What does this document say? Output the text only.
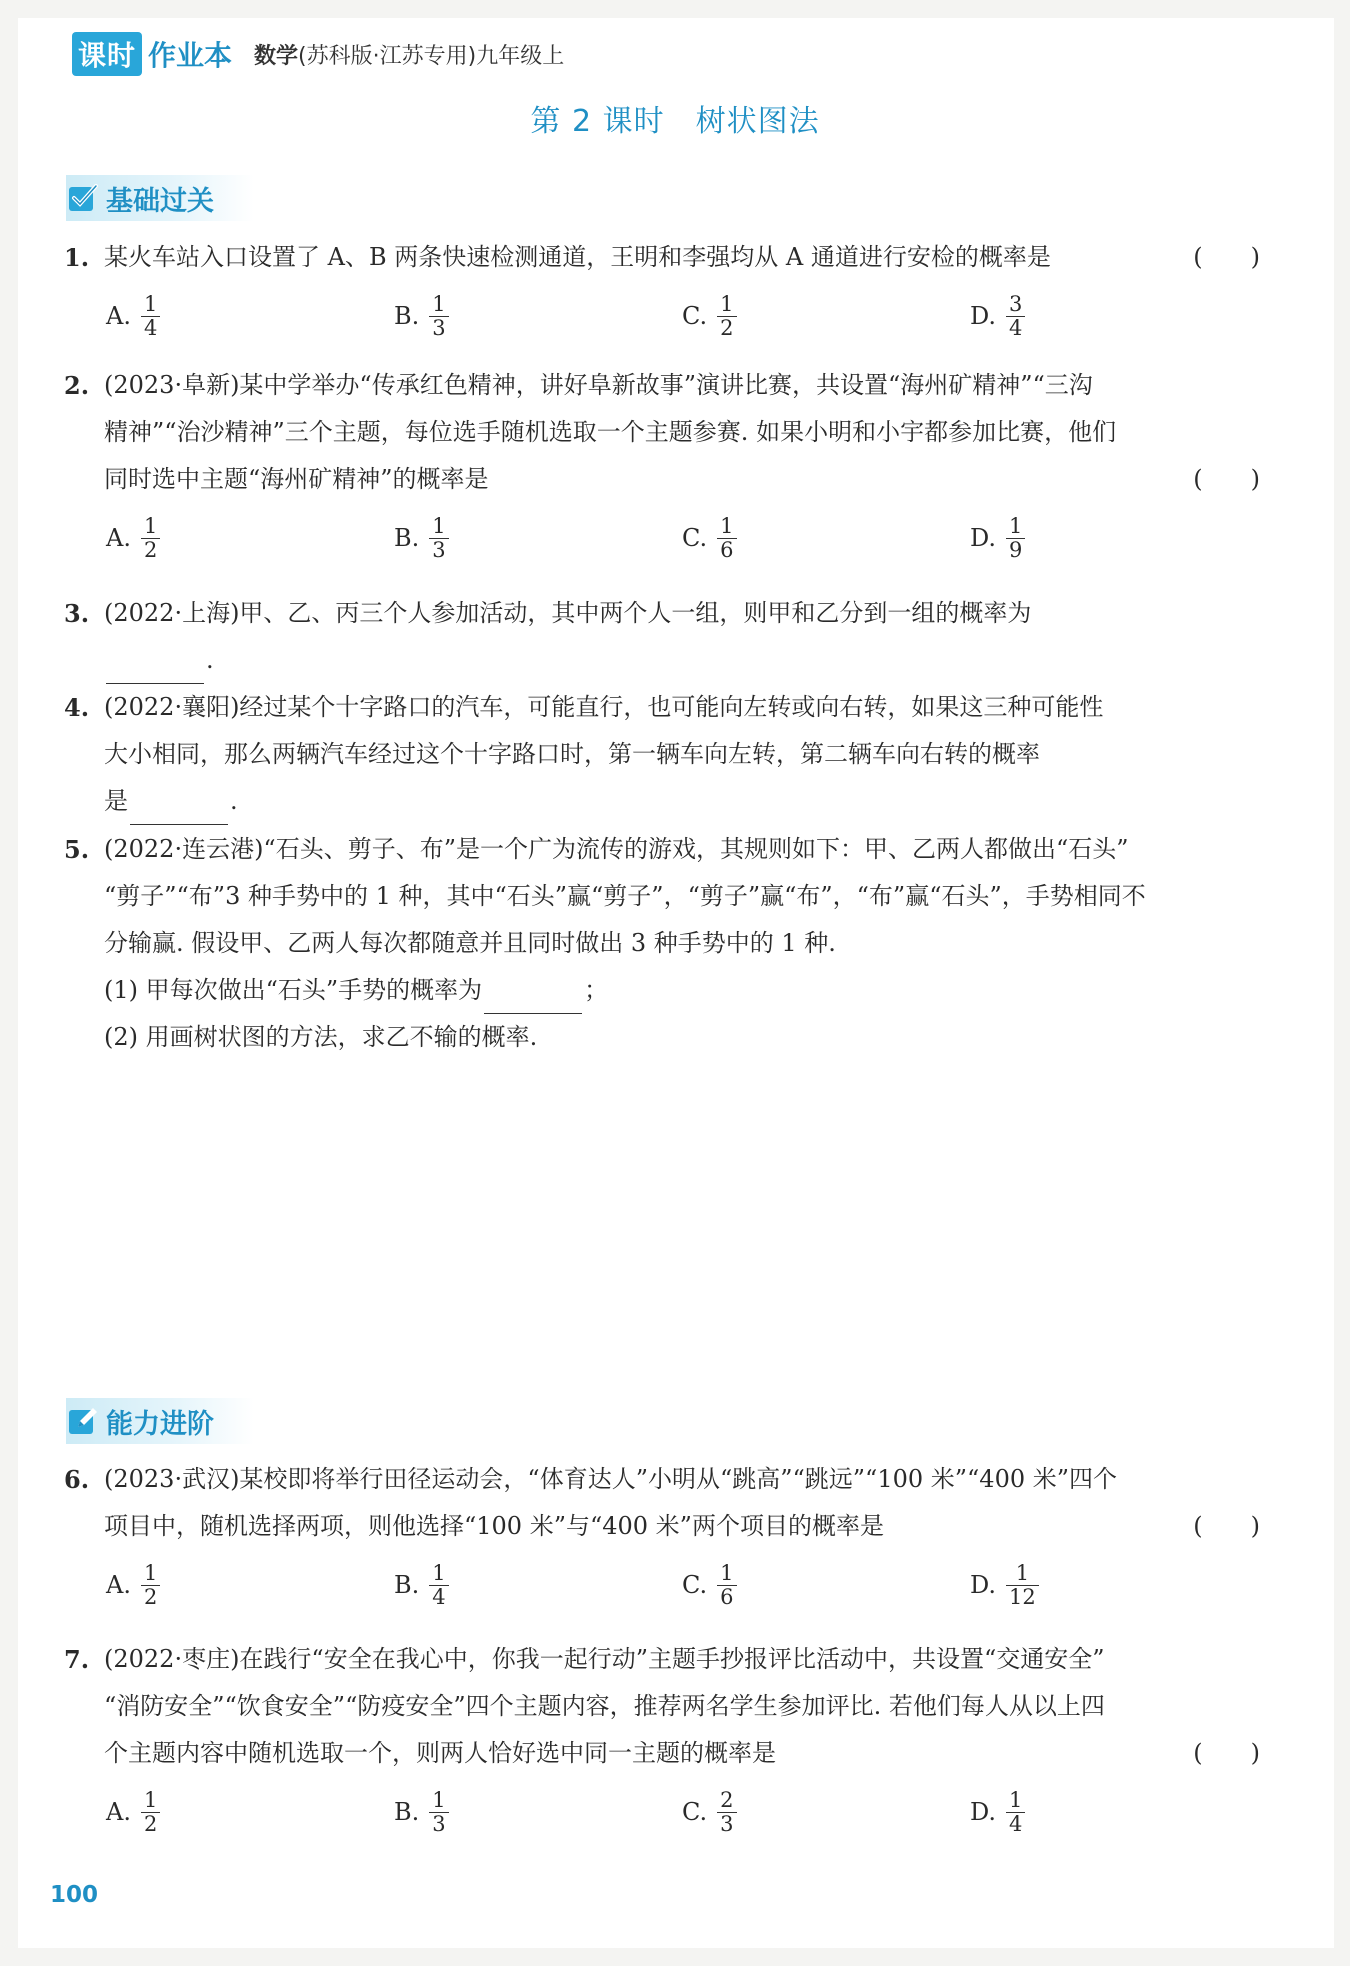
课时 作业本 数学(苏科版·江苏专用)九年级上
第 2 课时　树状图法
基础过关
1. 某火车站入口设置了 A、B 两条快速检测通道，王明和李强均从 A 通道进行安检的概率是	(　　)
A. $\frac{1}{4}$	B. $\frac{1}{3}$	C. $\frac{1}{2}$	D. $\frac{3}{4}$
2. (2023·阜新)某中学举办“传承红色精神，讲好阜新故事”演讲比赛，共设置“海州矿精神”“三沟
精神”“治沙精神”三个主题，每位选手随机选取一个主题参赛. 如果小明和小宇都参加比赛，他们
同时选中主题“海州矿精神”的概率是	(　　)
A. $\frac{1}{2}$	B. $\frac{1}{3}$	C. $\frac{1}{6}$	D. $\frac{1}{9}$
3. (2022·上海)甲、乙、丙三个人参加活动，其中两个人一组，则甲和乙分到一组的概率为
.
4. (2022·襄阳)经过某个十字路口的汽车，可能直行，也可能向左转或向右转，如果这三种可能性
大小相同，那么两辆汽车经过这个十字路口时，第一辆车向左转，第二辆车向右转的概率
是	.
5. (2022·连云港)“石头、剪子、布”是一个广为流传的游戏，其规则如下：甲、乙两人都做出“石头”
“剪子”“布”3 种手势中的 1 种，其中“石头”赢“剪子”，“剪子”赢“布”，“布”赢“石头”，手势相同不
分输赢. 假设甲、乙两人每次都随意并且同时做出 3 种手势中的 1 种.
(1) 甲每次做出“石头”手势的概率为	；
(2) 用画树状图的方法，求乙不输的概率.
能力进阶
6. (2023·武汉)某校即将举行田径运动会，“体育达人”小明从“跳高”“跳远”“100 米”“400 米”四个
项目中，随机选择两项，则他选择“100 米”与“400 米”两个项目的概率是	(　　)
A. $\frac{1}{2}$	B. $\frac{1}{4}$	C. $\frac{1}{6}$	D. $\frac{1}{12}$
7. (2022·枣庄)在践行“安全在我心中，你我一起行动”主题手抄报评比活动中，共设置“交通安全”
“消防安全”“饮食安全”“防疫安全”四个主题内容，推荐两名学生参加评比. 若他们每人从以上四
个主题内容中随机选取一个，则两人恰好选中同一主题的概率是	(　　)
A. $\frac{1}{2}$	B. $\frac{1}{3}$	C. $\frac{2}{3}$	D. $\frac{1}{4}$
100
